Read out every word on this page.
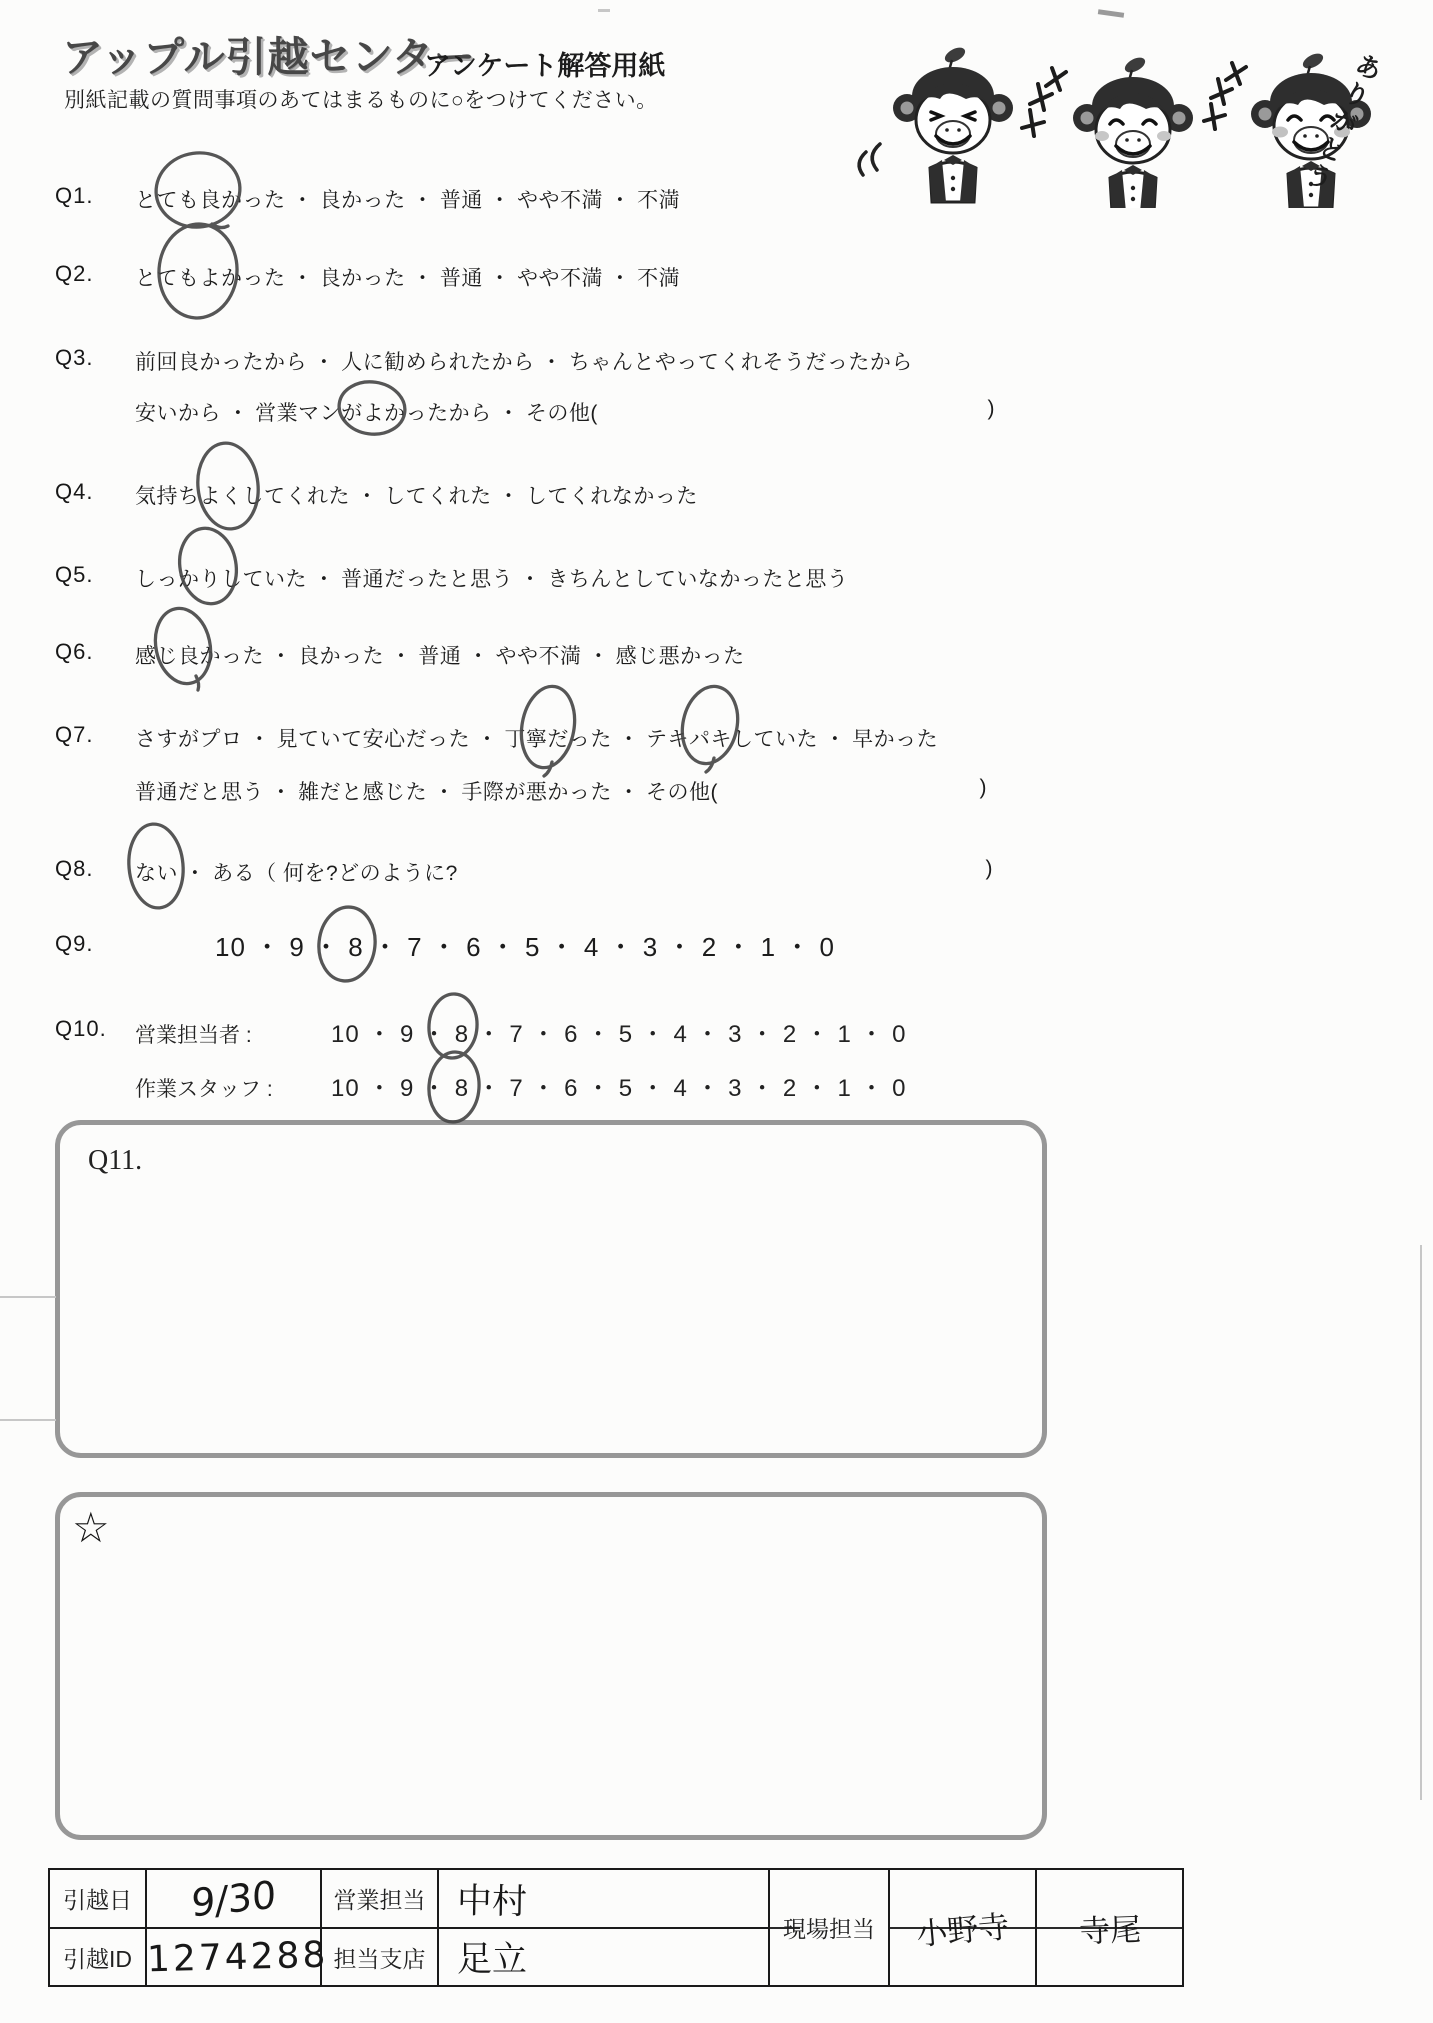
アップル引越センター
アンケート解答用紙
別紙記載の質問事項のあてはまるものに○をつけてください。	ありがとう
Q1. とても良かった ・ 良かった ・ 普通 ・ やや不満 ・ 不満
Q2. とてもよかった ・ 良かった ・ 普通 ・ やや不満 ・ 不満
Q3. 前回良かったから ・ 人に勧められたから ・ ちゃんとやってくれそうだったから
安いから ・ 営業マンがよかったから ・ その他(	)
Q4. 気持ちよくしてくれた ・ してくれた ・ してくれなかった
Q5. しっかりしていた ・ 普通だったと思う ・ きちんとしていなかったと思う
Q6. 感じ良かった ・ 良かった ・ 普通 ・ やや不満 ・ 感じ悪かった
Q7. さすがプロ ・ 見ていて安心だった ・ 丁寧だった ・ テキパキしていた ・ 早かった
普通だと思う ・ 雑だと感じた ・ 手際が悪かった ・ その他(	)
Q8. ない ・ ある（ 何を?どのように?	)
Q9.	10 ・ 9 ・ 8 ・ 7 ・ 6 ・ 5 ・ 4 ・ 3 ・ 2 ・ 1 ・ 0
Q10. 営業担当者 :	10 ・ 9 ・ 8 ・ 7 ・ 6 ・ 5 ・ 4 ・ 3 ・ 2 ・ 1 ・ 0
作業スタッフ : 10 ・ 9 ・ 8 ・ 7 ・ 6 ・ 5 ・ 4 ・ 3 ・ 2 ・ 1 ・ 0
Q11.
☆
引越日	9/30	営業担当	中村	現場担当	小野寺	寺尾
引越ID	1274288	担当支店	足立			
